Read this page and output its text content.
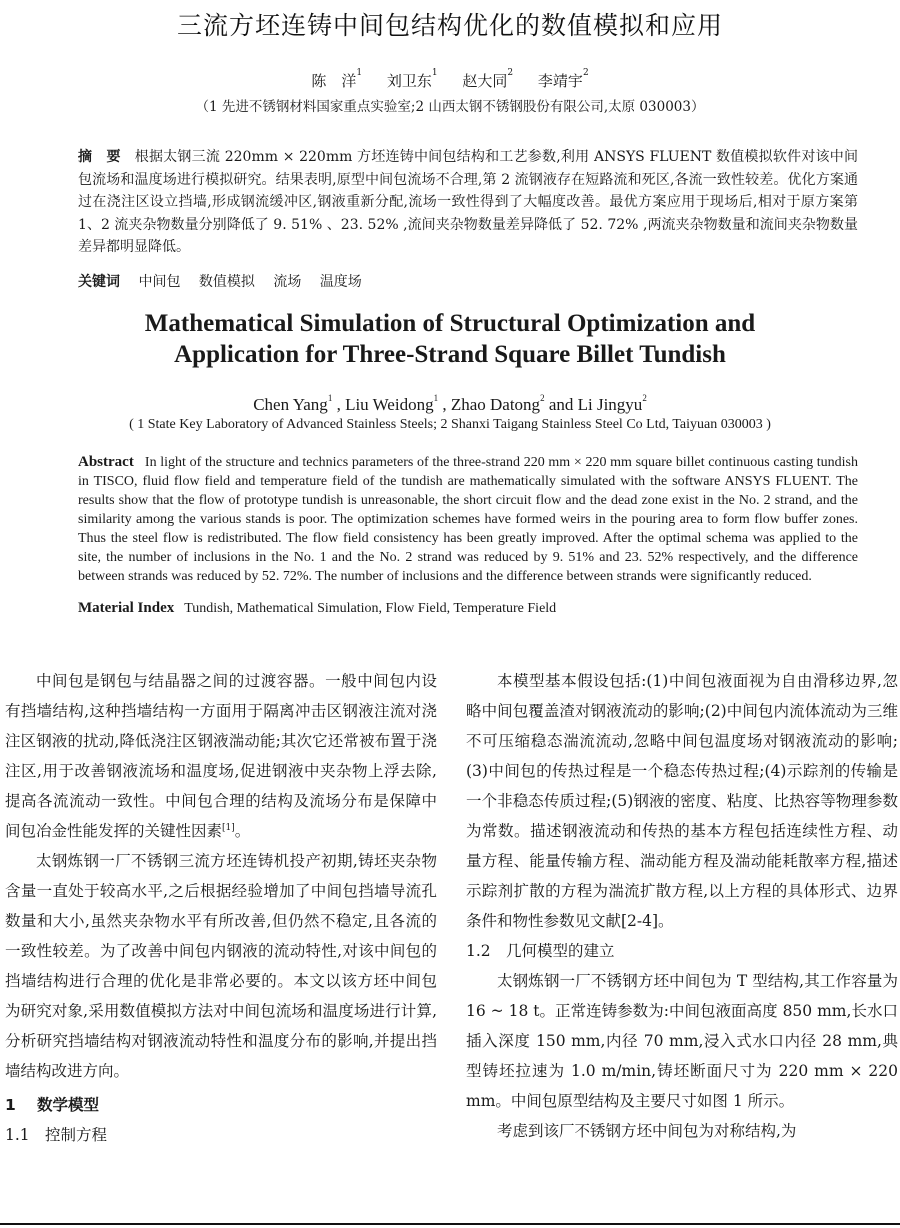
三流方坯连铸中间包结构优化的数值模拟和应用
陈　洋$^1$ 刘卫东$^1$ 赵大同$^2$ 李靖宇$^2$
（1 先进不锈钢材料国家重点实验室;2 山西太钢不锈钢股份有限公司,太原 030003）

摘　要 根据太钢三流 220mm × 220mm 方坯连铸中间包结构和工艺参数,利用 ANSYS FLUENT 数值模拟软件对该中间包流场和温度场进行模拟研究。结果表明,原型中间包流场不合理,第 2 流钢液存在短路流和死区,各流一致性较差。优化方案通过在浇注区设立挡墙,形成钢流缓冲区,钢液重新分配,流场一致性得到了大幅度改善。最优方案应用于现场后,相对于原方案第 1、2 流夹杂物数量分别降低了 9. 51% 、23. 52% ,流间夹杂物数量差异降低了 52. 72% ,两流夹杂物数量和流间夹杂物数量差异都明显降低。

关键词 中间包 数值模拟 流场 温度场
Mathematical Simulation of Structural Optimization and
Application for Three-Strand Square Billet Tundish
Chen Yang$^1$ , Liu Weidong$^1$ , Zhao Datong$^2$ and Li Jingyu$^2$
( 1 State Key Laboratory of Advanced Stainless Steels; 2 Shanxi Taigang Stainless Steel Co Ltd, Taiyuan 030003 )

Abstract In light of the structure and technics parameters of the three-strand 220 mm × 220 mm square billet continuous casting tundish in TISCO, fluid flow field and temperature field of the tundish are mathematically simulated with the software ANSYS FLUENT. The results show that the flow of prototype tundish is unreasonable, the short circuit flow and the dead zone exist in the No. 2 strand, and the similarity among the various stands is poor. The optimization schemes have formed weirs in the pouring area to form flow buffer zones. Thus the steel flow is redistributed. The flow field consistency has been greatly improved. After the optimal schema was applied to the site, the number of inclusions in the No. 1 and the No. 2 strand was reduced by 9. 51% and 23. 52% respectively, and the difference between strands was reduced by 52. 72%. The number of inclusions and the difference between strands were significantly reduced.

Material Index Tundish, Mathematical Simulation, Flow Field, Temperature Field

中间包是钢包与结晶器之间的过渡容器。一般中间包内设有挡墙结构,这种挡墙结构一方面用于隔离冲击区钢液注流对浇注区钢液的扰动,降低浇注区钢液湍动能;其次它还常被布置于浇注区,用于改善钢液流场和温度场,促进钢液中夹杂物上浮去除,提高各流流动一致性。中间包合理的结构及流场分布是保障中间包冶金性能发挥的关键性因素[1]。

太钢炼钢一厂不锈钢三流方坯连铸机投产初期,铸坯夹杂物含量一直处于较高水平,之后根据经验增加了中间包挡墙导流孔数量和大小,虽然夹杂物水平有所改善,但仍然不稳定,且各流的一致性较差。为了改善中间包内钢液的流动特性,对该中间包的挡墙结构进行合理的优化是非常必要的。本文以该方坯中间包为研究对象,采用数值模拟方法对中间包流场和温度场进行计算,分析研究挡墙结构对钢液流动特性和温度分布的影响,并提出挡墙结构改进方向。

1 数学模型

1.1 控制方程

本模型基本假设包括:(1)中间包液面视为自由滑移边界,忽略中间包覆盖渣对钢液流动的影响;(2)中间包内流体流动为三维不可压缩稳态湍流流动,忽略中间包温度场对钢液流动的影响;(3)中间包的传热过程是一个稳态传热过程;(4)示踪剂的传输是一个非稳态传质过程;(5)钢液的密度、粘度、比热容等物理参数为常数。描述钢液流动和传热的基本方程包括连续性方程、动量方程、能量传输方程、湍动能方程及湍动能耗散率方程,描述示踪剂扩散的方程为湍流扩散方程,以上方程的具体形式、边界条件和物性参数见文献[2-4]。

1.2 几何模型的建立

太钢炼钢一厂不锈钢方坯中间包为 T 型结构,其工作容量为 16 ~ 18 t。正常连铸参数为:中间包液面高度 850 mm,长水口插入深度 150 mm,内径 70 mm,浸入式水口内径 28 mm,典型铸坯拉速为 1.0 m/min,铸坯断面尺寸为 220 mm × 220 mm。中间包原型结构及主要尺寸如图 1 所示。

考虑到该厂不锈钢方坯中间包为对称结构,为
